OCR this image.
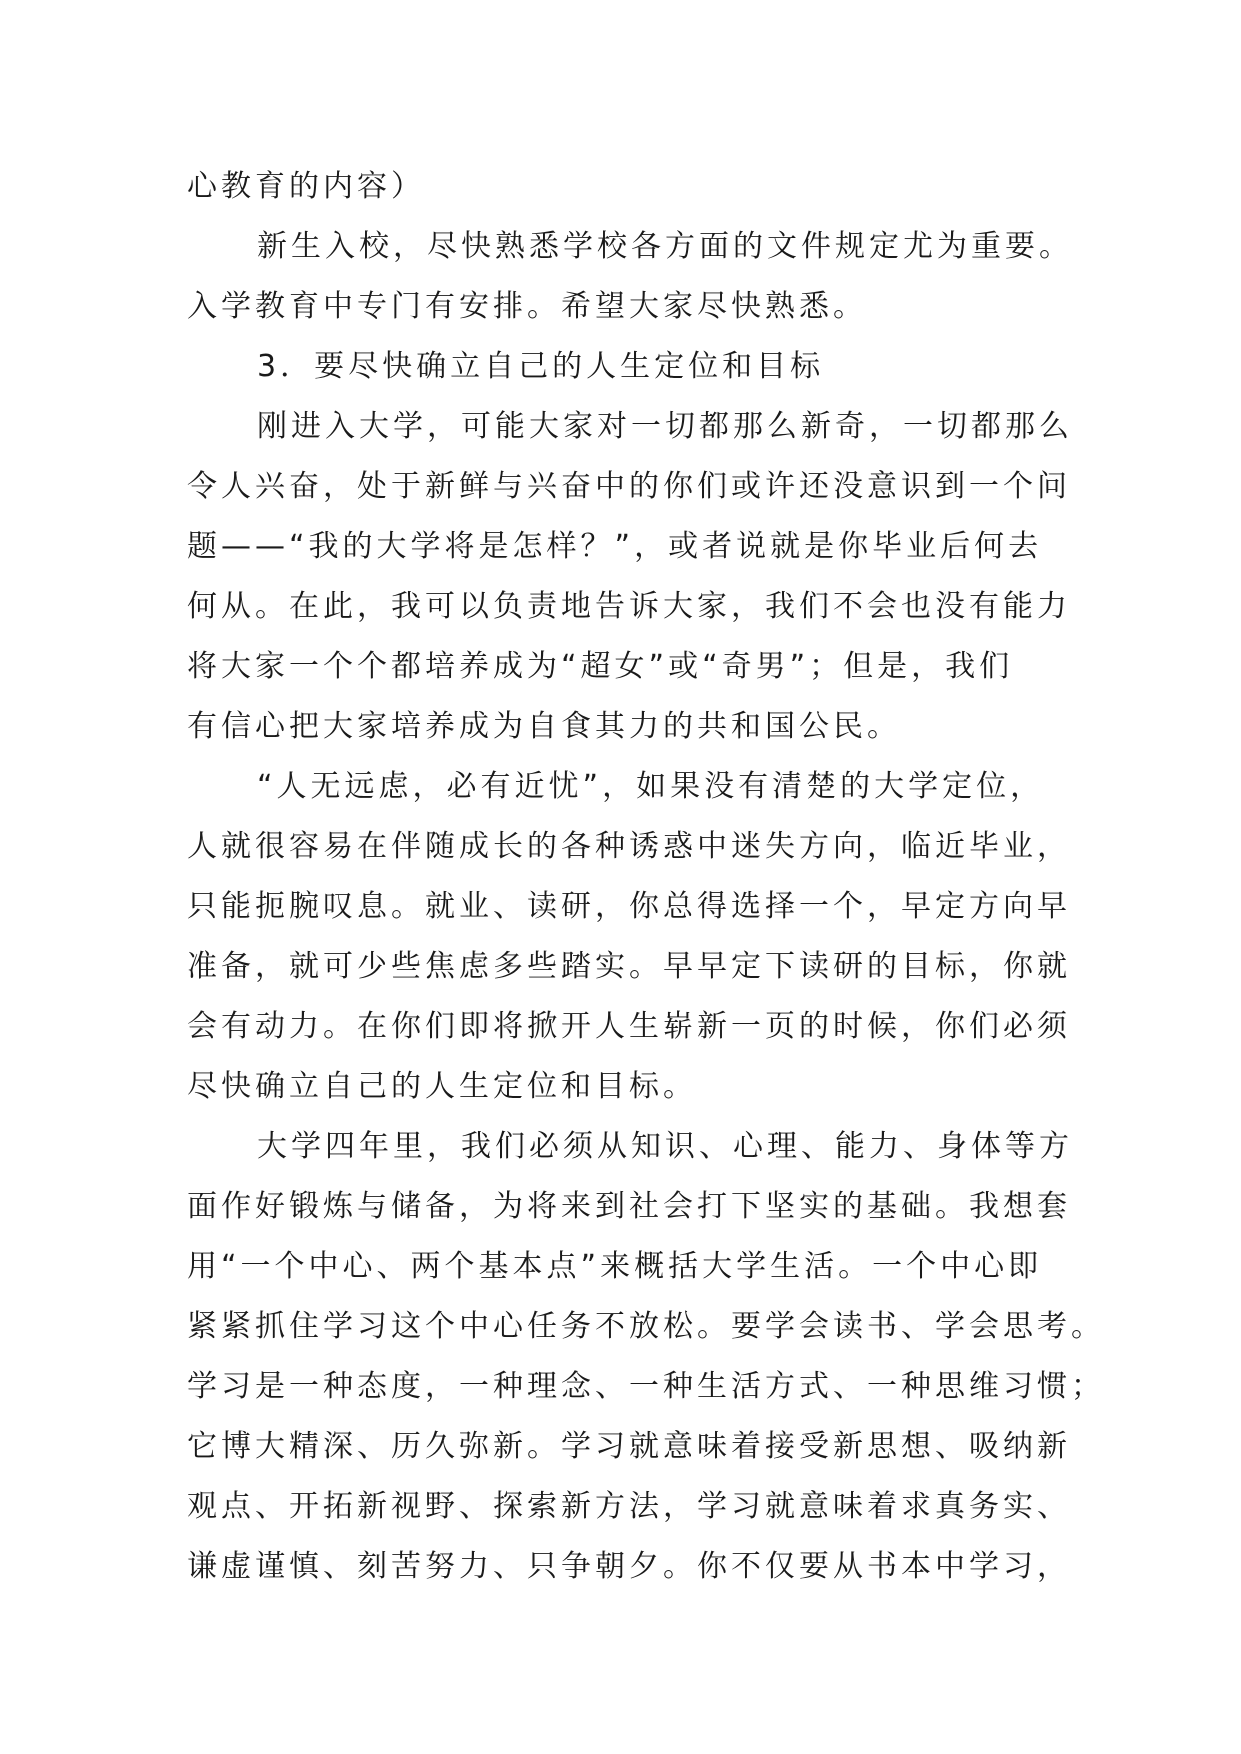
心教育的内容）
新生入校，尽快熟悉学校各方面的文件规定尤为重要。
入学教育中专门有安排。希望大家尽快熟悉。
3．要尽快确立自己的人生定位和目标
刚进入大学，可能大家对一切都那么新奇，一切都那么
令人兴奋，处于新鲜与兴奋中的你们或许还没意识到一个问
题——“我的大学将是怎样？”，或者说就是你毕业后何去
何从。在此，我可以负责地告诉大家，我们不会也没有能力
将大家一个个都培养成为“超女”或“奇男”；但是，我们
有信心把大家培养成为自食其力的共和国公民。
“人无远虑，必有近忧”，如果没有清楚的大学定位，
人就很容易在伴随成长的各种诱惑中迷失方向，临近毕业，
只能扼腕叹息。就业、读研，你总得选择一个，早定方向早
准备，就可少些焦虑多些踏实。早早定下读研的目标，你就
会有动力。在你们即将掀开人生崭新一页的时候，你们必须
尽快确立自己的人生定位和目标。
大学四年里，我们必须从知识、心理、能力、身体等方
面作好锻炼与储备，为将来到社会打下坚实的基础。我想套
用“一个中心、两个基本点”来概括大学生活。一个中心即
紧紧抓住学习这个中心任务不放松。要学会读书、学会思考。
学习是一种态度，一种理念、一种生活方式、一种思维习惯；
它博大精深、历久弥新。学习就意味着接受新思想、吸纳新
观点、开拓新视野、探索新方法，学习就意味着求真务实、
谦虚谨慎、刻苦努力、只争朝夕。你不仅要从书本中学习，
